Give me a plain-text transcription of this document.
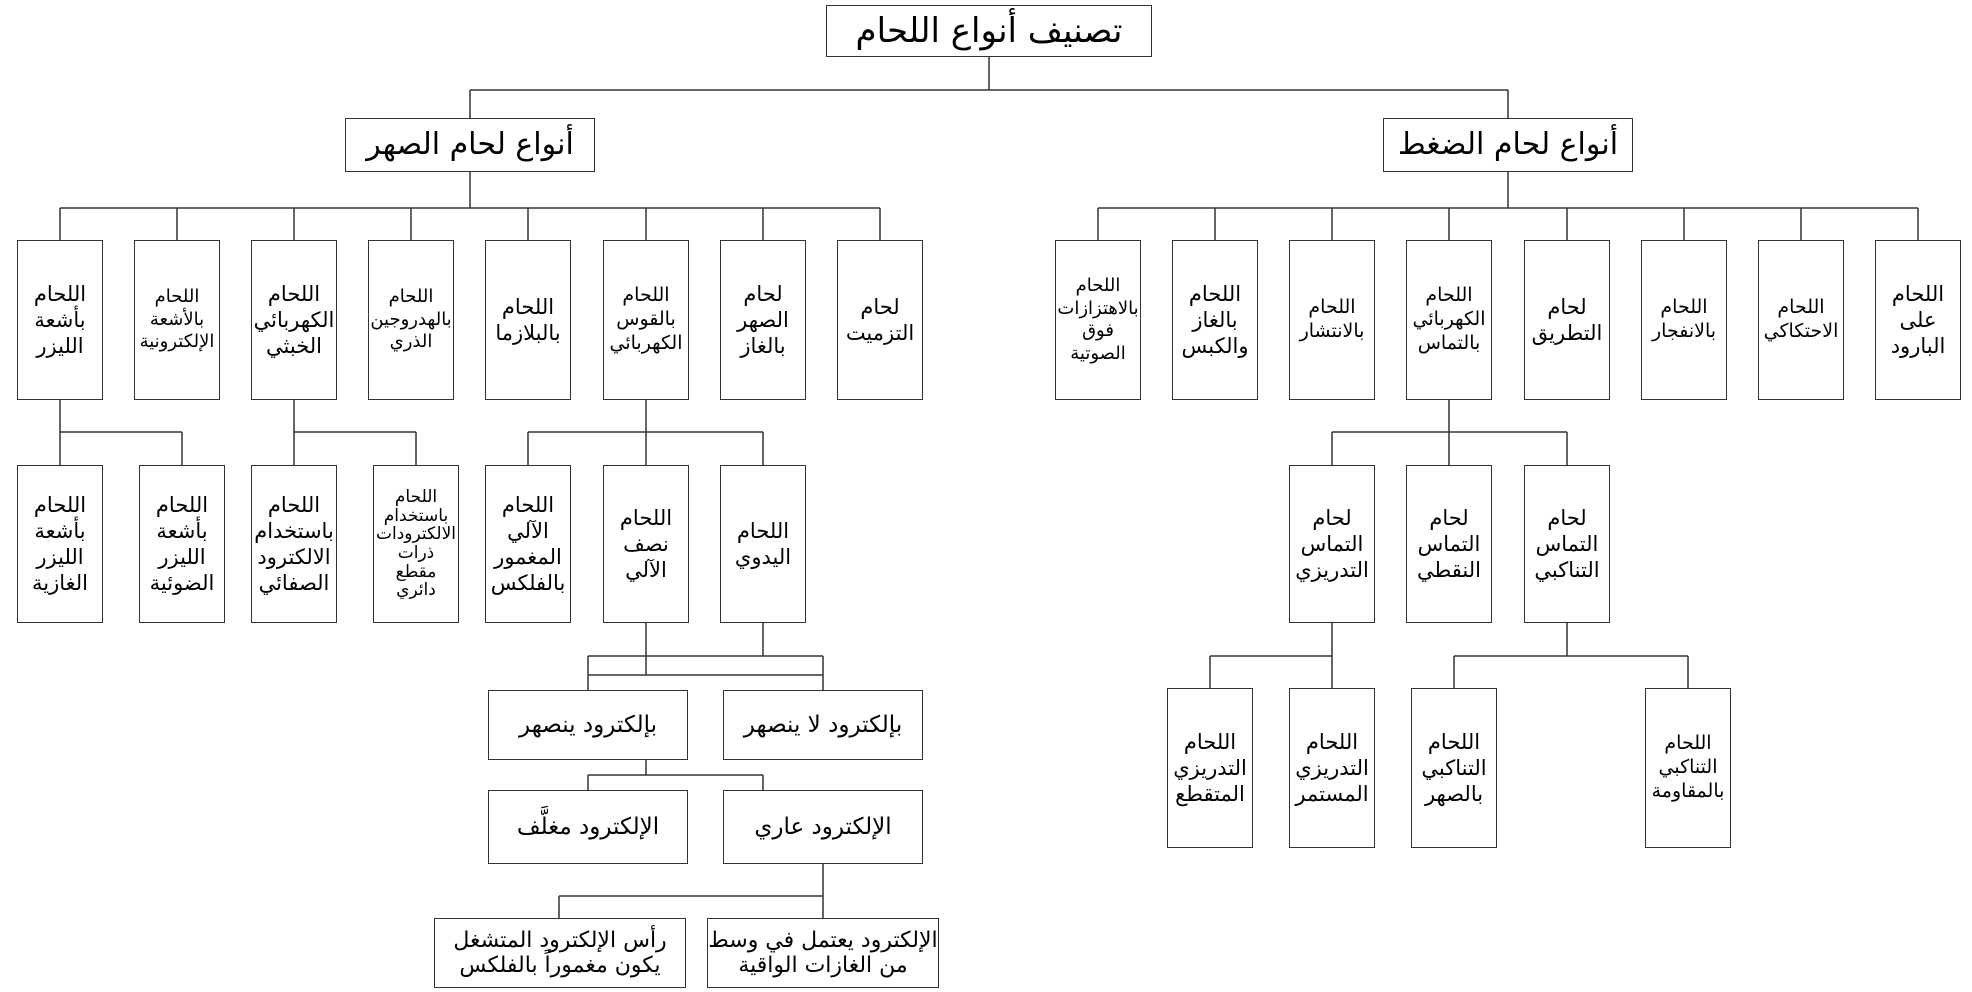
تصنيف أنواع اللحام
أنواع لحام الصهر	أنواع لحام الضغط
اللحام
بأشعة
الليزر
اللحام
بالأشعة
الإلكترونية
اللحام
الكهربائي
الخبثي
اللحام
بالهدروجين
الذري
اللحام
بالبلازما
اللحام
بالقوس
الكهربائي
لحام
الصهر
بالغاز
لحام
التزميت
اللحام
بالاهتزازات
فوق
الصوتية
اللحام
بالغاز
والكبس
اللحام
بالانتشار
اللحام
الكهربائي
بالتماس
لحام
التطريق
اللحام
بالانفجار
اللحام
الاحتكاكي
اللحام
على
البارود
اللحام
بأشعة
الليزر
الغازية
اللحام
بأشعة
الليزر
الضوئية
اللحام
باستخدام
الالكترود
الصفائي
اللحام
باستخدام
الالكترودات
ذرات
مقطع
دائري
اللحام
الآلي
المغمور
بالفلكس
اللحام
نصف
الآلي
اللحام
اليدوي
بإلكترود ينصهر	بإلكترود لا ينصهر
الإلكترود مغلَّف	الإلكترود عاري
رأس الإلكترود المتشغل
يكون مغموراً بالفلكس
الإلكترود يعتمل في وسط
من الغازات الواقية
لحام
التماس
التدريزي
لحام
التماس
النقطي
لحام
التماس
التناكبي
اللحام
التدريزي
المتقطع
اللحام
التدريزي
المستمر
اللحام
التناكبي
بالصهر
اللحام
التناكبي
بالمقاومة
